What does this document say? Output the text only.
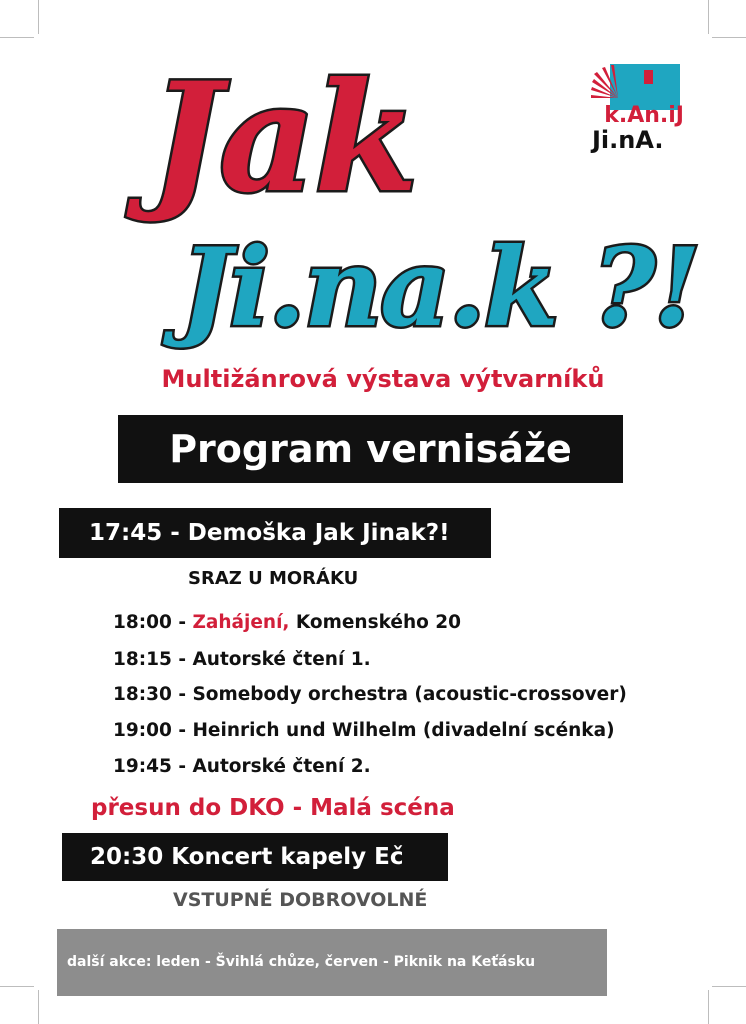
Jak
Ji.na.k ?!
k.An.iJ
Ji.nA.
Multižánrová výstava výtvarníků
Program vernisáže
17:45 - Demoška Jak Jinak?!
SRAZ U MORÁKU
18:00 - Zahájení, Komenského 20
18:15 - Autorské čtení 1.
18:30 - Somebody orchestra (acoustic-crossover)
19:00 - Heinrich und Wilhelm (divadelní scénka)
19:45 - Autorské čtení 2.
přesun do DKO - Malá scéna
20:30 Koncert kapely Eč
VSTUPNÉ DOBROVOLNÉ
další akce: leden - Švihlá chůze, červen - Piknik na Keťásku
